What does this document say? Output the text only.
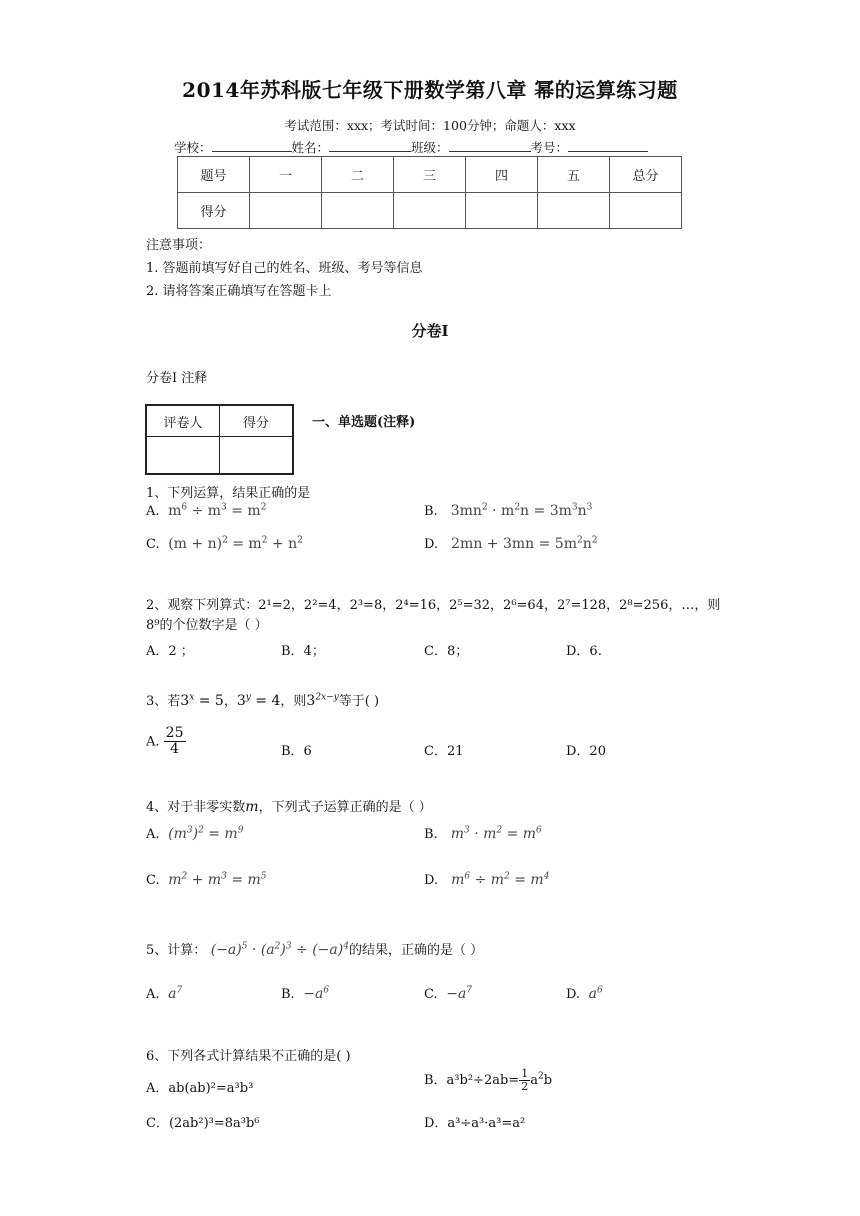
2014年苏科版七年级下册数学第八章 幂的运算练习题
考试范围：xxx；考试时间：100分钟；命题人：xxx
学校：	姓名：	班级：	考号：
题号	一	二	三	四	五	总分
得分						
注意事项：
1. 答题前填写好自己的姓名、班级、考号等信息
2. 请将答案正确填写在答题卡上
分卷I
分卷I 注释
评卷人	得分
		一、单选题(注释)
1、下列运算，结果正确的是
A.  $m^6 \div m^3 = m^2$	B.   $3mn^2 \cdot m^2n = 3m^3n^3$
C.  $(m + n)^2 = m^2 + n^2$	D.   $2mn + 3mn = 5m^2n^2$
2、观察下列算式：2¹=2，2²=4，2³=8，2⁴=16，2⁵=32，2⁶=64，2⁷=128，2⁸=256，…，则
8⁹的个位数字是（ ）
A．2 ；	B．4；	C．8；	D．6.
3、若$3^x = 5$，$3^y = 4$，则$3^{2x-y}$等于( )
A. $\frac{25}{4}$	B．6	C．21	D．20
4、对于非零实数m，下列式子运算正确的是（ ）
A.  $(m^3)^2 = m^9$	B.   $m^3 \cdot m^2 = m^6$
C.  $m^2 + m^3 = m^5$	D.   $m^6 \div m^2 = m^4$
5、计算： $(-a)^5 \cdot (a^2)^3 \div (-a)^4$的结果，正确的是（ ）
A.  $a^7$	B.  $-a^6$	C.  $-a^7$	D.  $a^6$
6、下列各式计算结果不正确的是( )
A．ab(ab)²=a³b³
B．$a^3b^2\div 2ab= \frac{1}{2} a^2b$
C．(2ab²)³=8a³b⁶	D．a³÷a³·a³=a²
